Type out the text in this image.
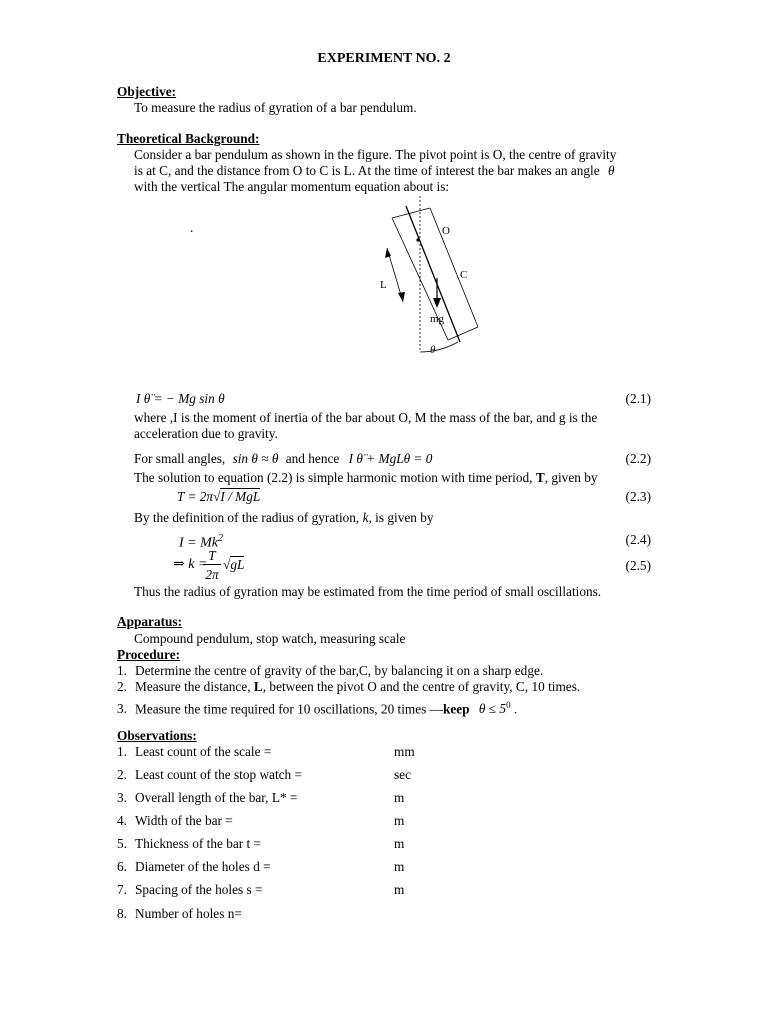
EXPERIMENT NO. 2
Objective:
To measure the radius of gyration of a bar pendulum.
Theoretical Background:
Consider a bar pendulum as shown in the figure. The pivot point is O, the centre of gravity
is at C, and the distance from O to C is L. At the time of interest the bar makes an angle θ
with the vertical The angular momentum equation about is:
.	O
C
L
mg
θ
I θ̈ = − Mg sin θ	(2.1)
where ,I is the moment of inertia of the bar about O, M the mass of the bar, and g is the
acceleration due to gravity.
For small angles, sin θ ≈ θ and hence I θ̈ + MgLθ = 0	(2.2)
The solution to equation (2.2) is simple harmonic motion with time period, T, given by
T = 2π√I / MgL	(2.3)
By the definition of the radius of gyration, k, is given by
$I = Mk^2$	(2.4)
⇒ k =
T
2π
√gL	(2.5)
Thus the radius of gyration may be estimated from the time period of small oscillations.
Apparatus:
Compound pendulum, stop watch, measuring scale
Procedure:
1. Determine the centre of gravity of the bar,C, by balancing it on a sharp edge.
2. Measure the distance, L, between the pivot O and the centre of gravity, C, 10 times.
3. Measure the time required for 10 oscillations, 20 times —keep $\theta \le 5^0$ .
Observations:
1. Least count of the scale =	mm
2. Least count of the stop watch =	sec
3. Overall length of the bar, L* =	m
4. Width of the bar =	m
5. Thickness of the bar t =	m
6. Diameter of the holes d =	m
7. Spacing of the holes s =	m
8. Number of holes n=
